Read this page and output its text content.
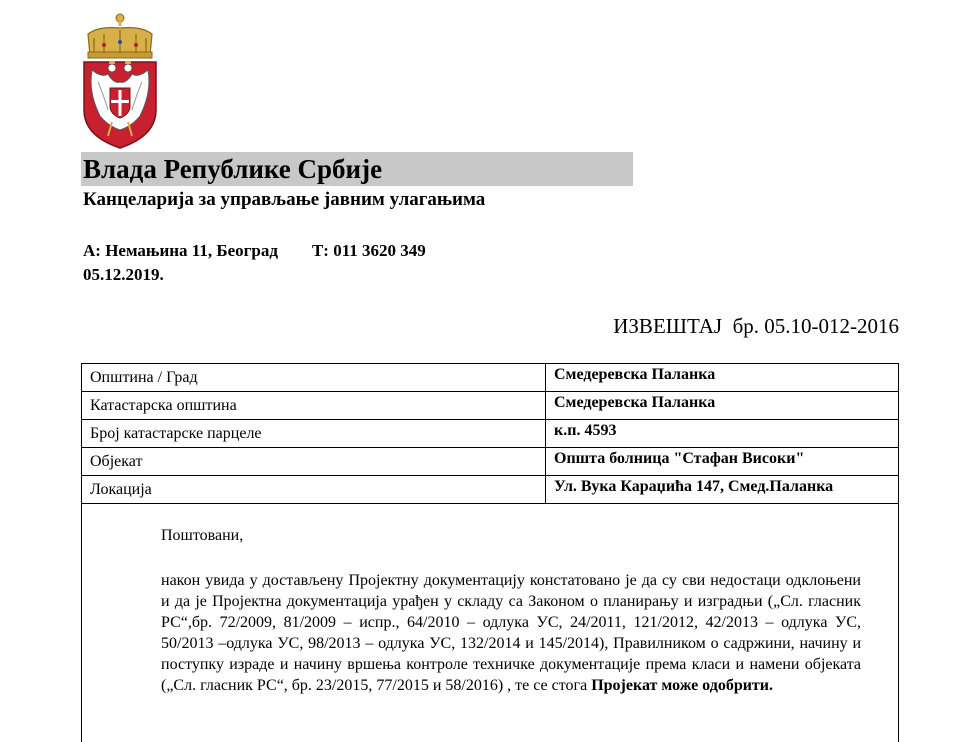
Влада Републике Србије
Канцеларија за управљање јавним улагањима
А: Немањина 11, Београд Т: 011 3620 349
05.12.2019.
ИЗВЕШТАЈ  бр. 05.10-012-2016
Општина / Град	Смедеревска Паланка
Катастарска општина	Смедеревска Паланка
Број катастарске парцеле	к.п. 4593
Објекат	Општа болница "Стафан Високи"
Локација	Ул. Вука Караџића 147, Смед.Паланка
Поштовани,
након увида у достављену Пројектну документацију констатовано је да су сви недостаци одклоњени и да је Пројектна документација урађен у складу са Законом о планирању и изградњи („Сл. гласник РС“,бр. 72/2009, 81/2009 – испр., 64/2010 – одлука УС, 24/2011, 121/2012, 42/2013 – одлука УС, 50/2013 –одлука УС, 98/2013 – одлука УС, 132/2014 и 145/2014), Правилником о садржини, начину и поступку израде и начину вршења контроле техничке документације према класи и намени објеката („Сл. гласник РС“, бр. 23/2015, 77/2015 и 58/2016) , те се стога Пројекат може одобрити.
